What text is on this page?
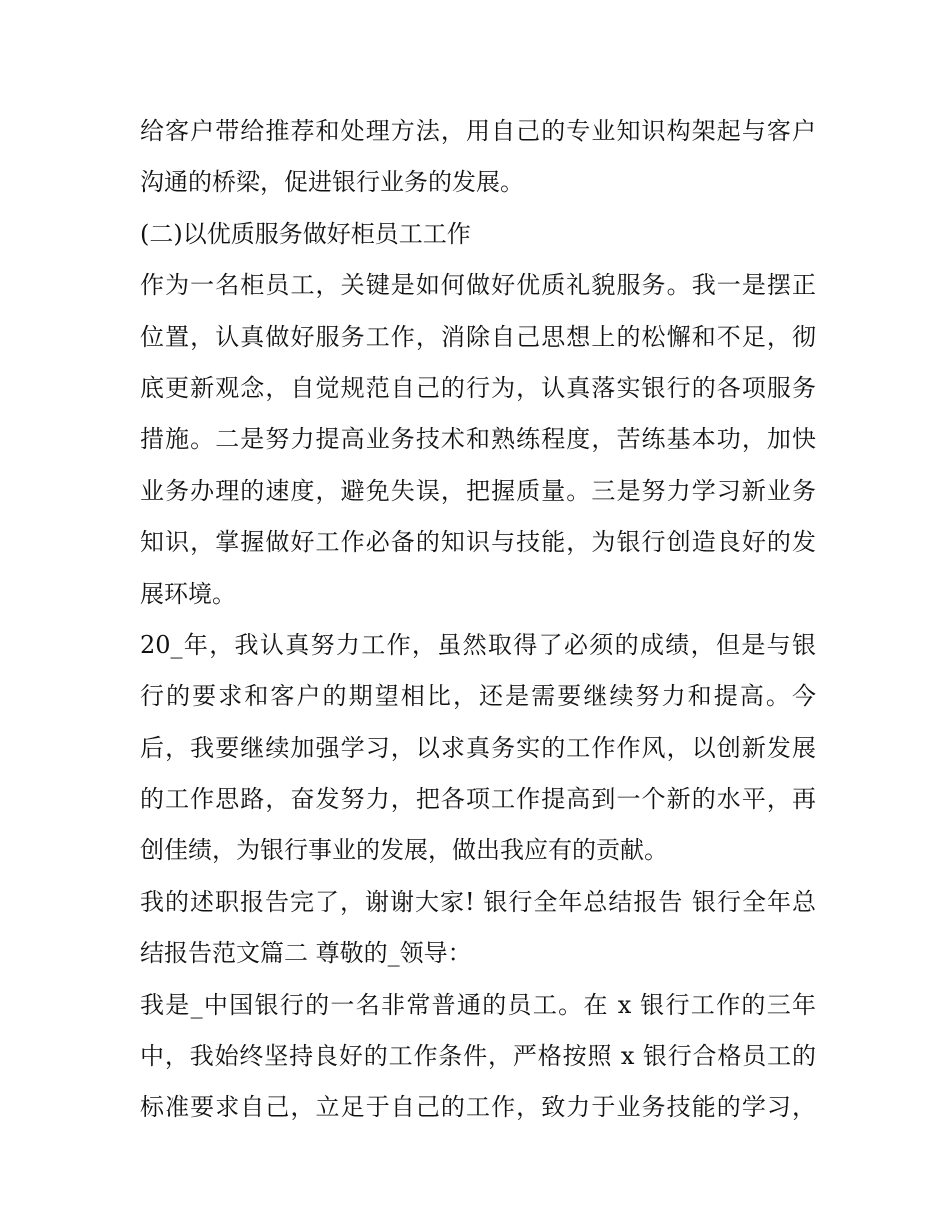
给客户带给推荐和处理方法，用自己的专业知识构架起与客户
沟通的桥梁，促进银行业务的发展。
(二)以优质服务做好柜员工工作
作为一名柜员工，关键是如何做好优质礼貌服务。我一是摆正
位置，认真做好服务工作，消除自己思想上的松懈和不足，彻
底更新观念，自觉规范自己的行为，认真落实银行的各项服务
措施。二是努力提高业务技术和熟练程度，苦练基本功，加快
业务办理的速度，避免失误，把握质量。三是努力学习新业务
知识，掌握做好工作必备的知识与技能，为银行创造良好的发
展环境。
20_年，我认真努力工作，虽然取得了必须的成绩，但是与银
行的要求和客户的期望相比，还是需要继续努力和提高。今
后，我要继续加强学习，以求真务实的工作作风，以创新发展
的工作思路，奋发努力，把各项工作提高到一个新的水平，再
创佳绩，为银行事业的发展，做出我应有的贡献。
我的述职报告完了，谢谢大家! 银行全年总结报告 银行全年总
结报告范文篇二 尊敬的_领导：
我是_中国银行的一名非常普通的员工。在 x 银行工作的三年
中，我始终坚持良好的工作条件，严格按照 x 银行合格员工的
标准要求自己，立足于自己的工作，致力于业务技能的学习，
